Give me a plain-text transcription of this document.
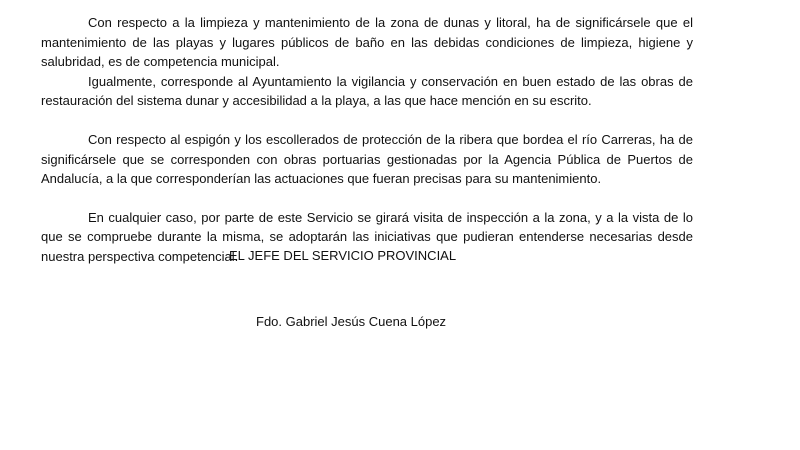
Con respecto a la limpieza y mantenimiento de la zona de dunas y litoral, ha de significársele que el mantenimiento de las playas y lugares públicos de baño en las debidas condiciones de limpieza, higiene y salubridad, es de competencia municipal.

Igualmente, corresponde al Ayuntamiento la vigilancia y conservación en buen estado de las obras de restauración del sistema dunar y accesibilidad a la playa, a las que hace mención en su escrito.

Con respecto al espigón y los escollerados de protección de la ribera que bordea el río Carreras, ha de significársele que se corresponden con obras portuarias gestionadas por la Agencia Pública de Puertos de Andalucía, a la que corresponderían las actuaciones que fueran precisas para su mantenimiento.

En cualquier caso, por parte de este Servicio se girará visita de inspección a la zona, y a la vista de lo que se compruebe durante la misma, se adoptarán las iniciativas que pudieran entenderse necesarias desde nuestra perspectiva competencial.

EL JEFE DEL SERVICIO PROVINCIAL
Fdo. Gabriel Jesús Cuena López
